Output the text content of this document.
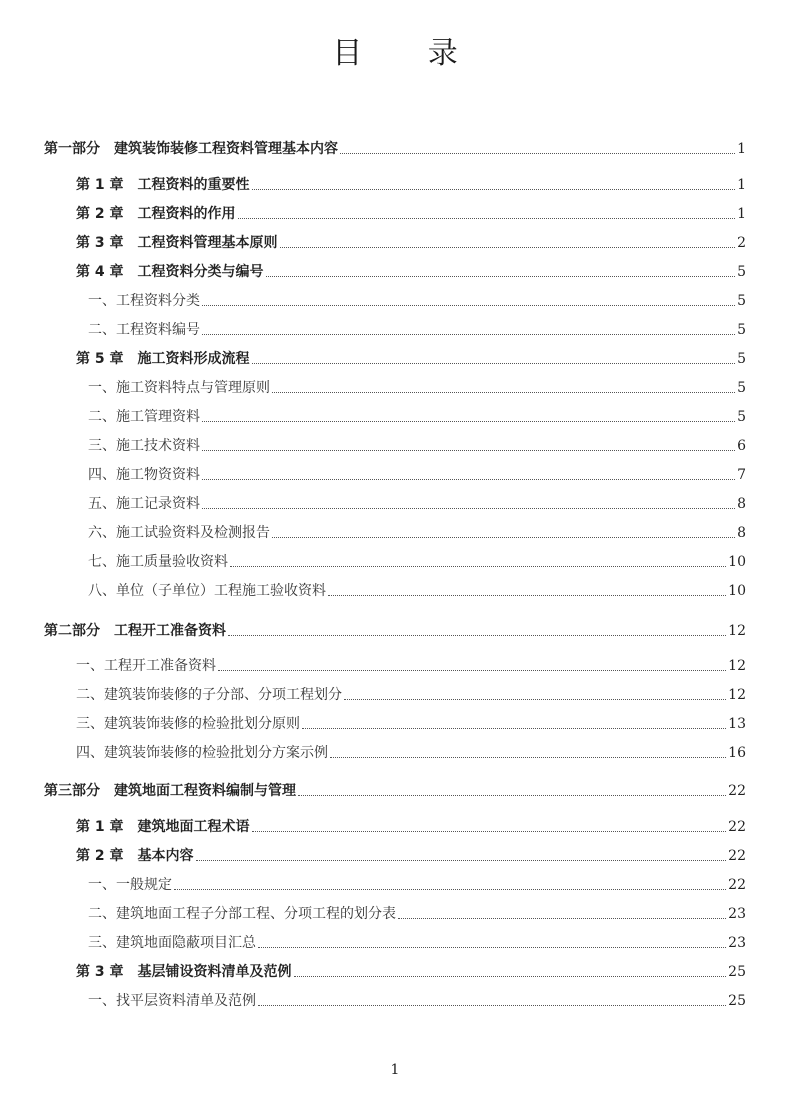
目 录
第一部分　建筑装饰装修工程资料管理基本内容	1
第 1 章　工程资料的重要性	1
第 2 章　工程资料的作用	1
第 3 章　工程资料管理基本原则	2
第 4 章　工程资料分类与编号	5
一、工程资料分类	5
二、工程资料编号	5
第 5 章　施工资料形成流程	5
一、施工资料特点与管理原则	5
二、施工管理资料	5
三、施工技术资料	6
四、施工物资资料	7
五、施工记录资料	8
六、施工试验资料及检测报告	8
七、施工质量验收资料	10
八、单位（子单位）工程施工验收资料	10
第二部分　工程开工准备资料	12
一、工程开工准备资料	12
二、建筑装饰装修的子分部、分项工程划分	12
三、建筑装饰装修的检验批划分原则	13
四、建筑装饰装修的检验批划分方案示例	16
第三部分　建筑地面工程资料编制与管理	22
第 1 章　建筑地面工程术语	22
第 2 章　基本内容	22
一、一般规定	22
二、建筑地面工程子分部工程、分项工程的划分表	23
三、建筑地面隐蔽项目汇总	23
第 3 章　基层铺设资料清单及范例	25
一、找平层资料清单及范例	25
1
